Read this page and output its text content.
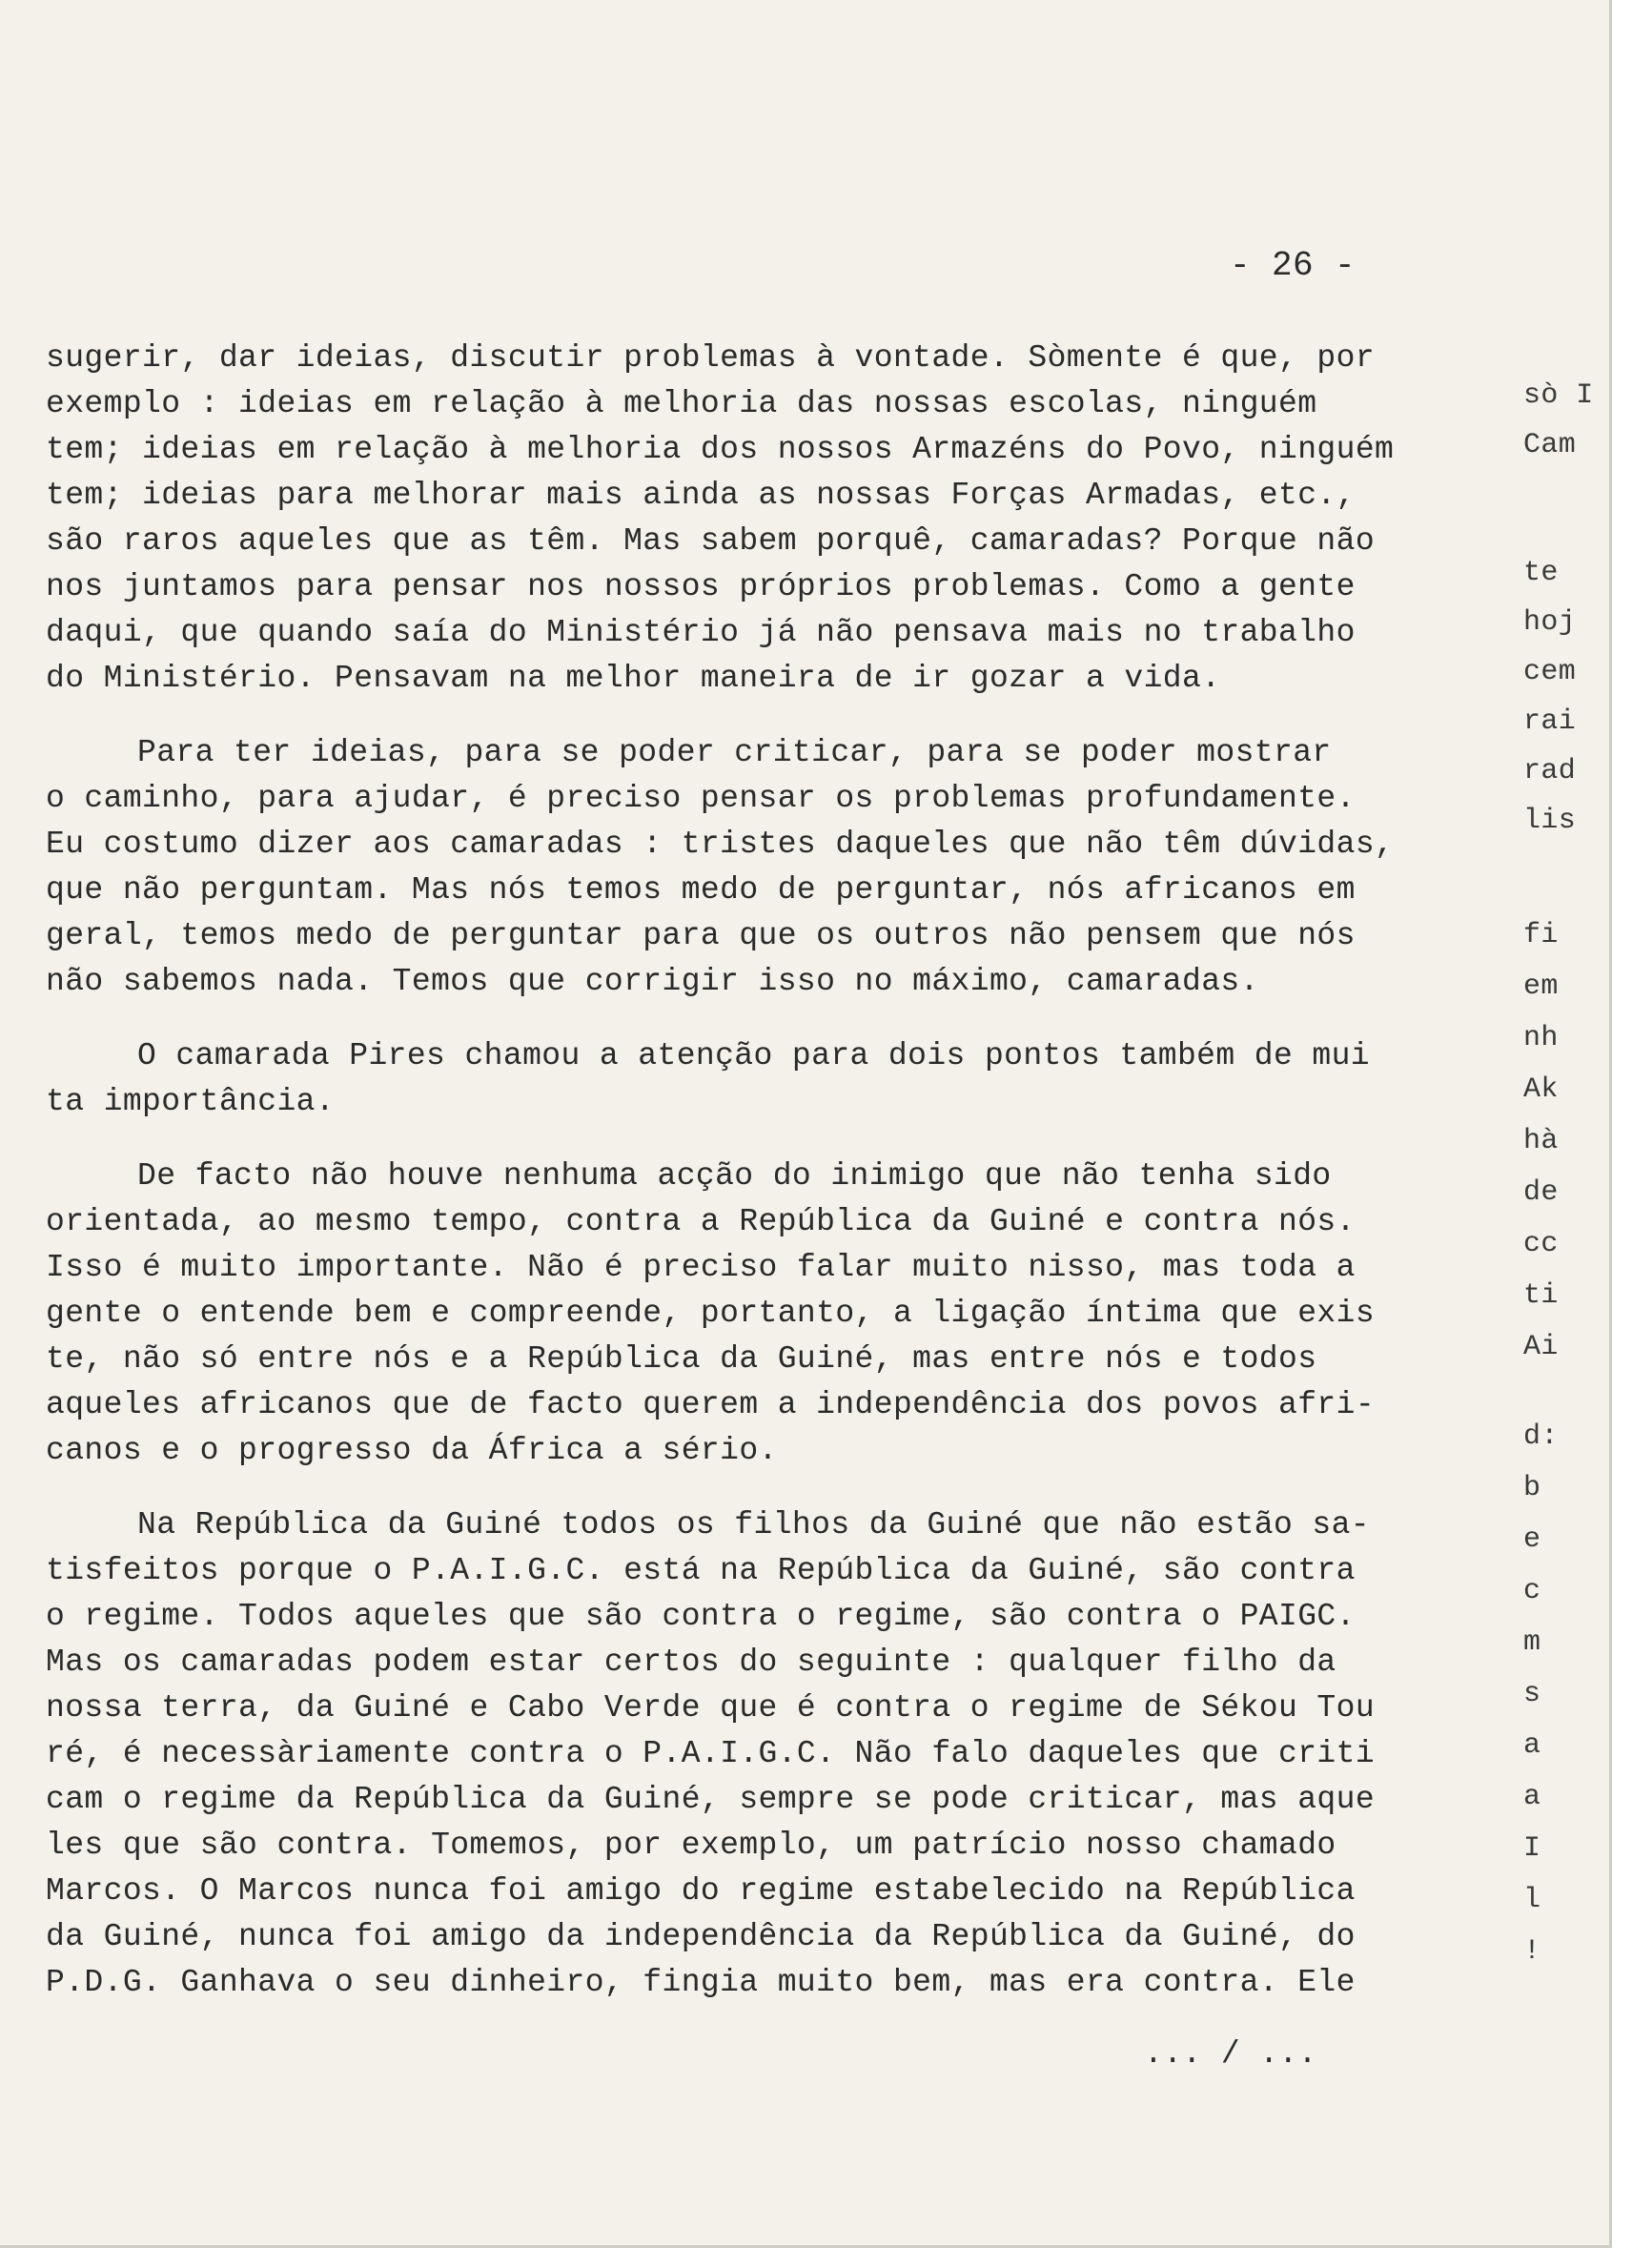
- 26 -
sugerir, dar ideias, discutir problemas à vontade. Sòmente é que, por
exemplo : ideias em relação à melhoria das nossas escolas, ninguém
tem; ideias em relação à melhoria dos nossos Armazéns do Povo, ninguém
tem; ideias para melhorar mais ainda as nossas Forças Armadas, etc.,
são raros aqueles que as têm. Mas sabem porquê, camaradas? Porque não
nos juntamos para pensar nos nossos próprios problemas. Como a gente
daqui, que quando saía do Ministério já não pensava mais no trabalho
do Ministério. Pensavam na melhor maneira de ir gozar a vida.
Para ter ideias, para se poder criticar, para se poder mostrar
o caminho, para ajudar, é preciso pensar os problemas profundamente.
Eu costumo dizer aos camaradas : tristes daqueles que não têm dúvidas,
que não perguntam. Mas nós temos medo de perguntar, nós africanos em
geral, temos medo de perguntar para que os outros não pensem que nós
não sabemos nada. Temos que corrigir isso no máximo, camaradas.
O camarada Pires chamou a atenção para dois pontos também de mui
ta importância.
De facto não houve nenhuma acção do inimigo que não tenha sido
orientada, ao mesmo tempo, contra a República da Guiné e contra nós.
Isso é muito importante. Não é preciso falar muito nisso, mas toda a
gente o entende bem e compreende, portanto, a ligação íntima que exis
te, não só entre nós e a República da Guiné, mas entre nós e todos
aqueles africanos que de facto querem a independência dos povos afri-
canos e o progresso da África a sério.
Na República da Guiné todos os filhos da Guiné que não estão sa-
tisfeitos porque o P.A.I.G.C. está na República da Guiné, são contra
o regime. Todos aqueles que são contra o regime, são contra o PAIGC.
Mas os camaradas podem estar certos do seguinte : qualquer filho da
nossa terra, da Guiné e Cabo Verde que é contra o regime de Sékou Tou
ré, é necessàriamente contra o P.A.I.G.C. Não falo daqueles que criti
cam o regime da República da Guiné, sempre se pode criticar, mas aque
les que são contra. Tomemos, por exemplo, um patrício nosso chamado
Marcos. O Marcos nunca foi amigo do regime estabelecido na República
da Guiné, nunca foi amigo da independência da República da Guiné, do
P.D.G. Ganhava o seu dinheiro, fingia muito bem, mas era contra. Ele
... / ...
sò I
Cam
te
hoj
cem
rai
rad
lis
fi
em
nh
Ak
hà
de
cc
ti
Ai
d:
b
e
c
m
s
a
a
I
l
!
